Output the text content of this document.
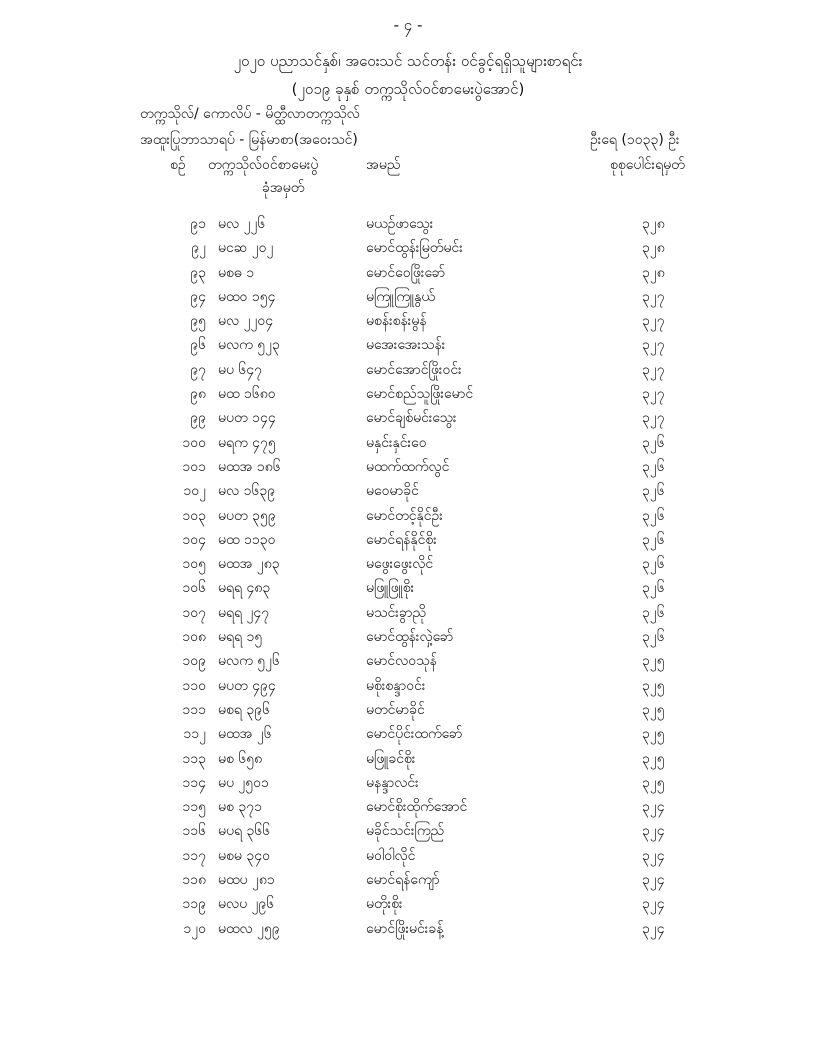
- ၄ -
၂၀၂၀ ပညာသင်နှစ်၊ အဝေးသင် သင်တန်း ဝင်ခွင့်ရရှိသူများစာရင်း
(၂၀၁၉ ခုနှစ် တက္ကသိုလ်ဝင်စာမေးပွဲအောင်)
တက္ကသိုလ်/ ကောလိပ် - မိတ္ထီလာတက္ကသိုလ်
အထူးပြုဘာသာရပ် - မြန်မာစာ(အဝေးသင်)	ဦးရေ (၁၀၃၃) ဦး
စဉ် တက္ကသိုလ်ဝင်စာမေးပွဲ
ခုံအမှတ်
အမည်	စုစုပေါင်းရမှတ်
၉၁ မလ ၂၂၆	မယဉ်ဖာသွေး	၃၂၈
၉၂ မငဆ ၂၀၂	မောင်ထွန်းမြတ်မင်း	၃၂၈
၉၃ မစဓ ၁	မောင်ဝေဖြိုးခော်	၃၂၈
၉၄ မထဝ ၁၅၄	မကြူကြူနွယ်	၃၂၇
၉၅ မလ ၂၂၀၄	မစန်းစန်းမွန်	၃၂၇
၉၆ မလက ၅၂၃	မအေးအေးသန်း	၃၂၇
၉၇ မပ ၆၄၇	မောင်အောင်ဖြိုးဝင်း	၃၂၇
၉၈ မထ ၁၆၈၀	မောင်စည်သူဖြိုးမောင်	၃၂၇
၉၉ မပတ ၁၄၄	မောင်ချစ်မင်းသွေး	၃၂၇
၁၀၀ မရက ၄၇၅	မနှင်းနှင်းဝေ	၃၂၆
၁၀၁ မထအ ၁၈၆	မထက်ထက်လွင်	၃၂၆
၁၀၂ မလ ၁၆၃၉	မဝေမာခိုင်	၃၂၆
၁၀၃ မပတ ၃၅၉	မောင်တင့်နိုင်ဦး	၃၂၆
၁၀၄ မထ ၁၁၃၀	မောင်ရန်နိုင်စိုး	၃၂၆
၁၀၅ မထအ ၂၈၃	မဖွေးဖွေးလိုင်	၃၂၆
၁၀၆ မရရ ၄၈၃	မဖြူဖြူစိုး	၃၂၆
၁၀၇ မရရ ၂၄၇	မသင်းခွာညို	၃၂၆
၁၀၈ မရရ ၁၅	မောင်ထွန်းလှဲ့ခော်	၃၂၆
၁၀၉ မလက ၅၂၆	မောင်လဝသုန်	၃၂၅
၁၁၀ မပတ ၄၉၄	မစိုးစန္ဒာဝင်း	၃၂၅
၁၁၁ မစရ ၃၉၆	မတင်မာခိုင်	၃၂၅
၁၁၂ မထအ ၂၆	မောင်ပိုင်းထက်ခော်	၃၂၅
၁၁၃ မစ ၆၅၈	မဖြူခင်စိုး	၃၂၅
၁၁၄ မပ ၂၅၀၁	မနန္ဒာလင်း	၃၂၅
၁၁၅ မစ ၃၇၁	မောင်စိုးထိုက်အောင်	၃၂၄
၁၁၆ မပရ ၃၆၆	မခိုင်သင်းကြည်	၃၂၄
၁၁၇ မစမ ၃၄၀	မဝါဝါလိုင်	၃၂၄
၁၁၈ မထပ ၂၈၁	မောင်ရန်ကျော်	၃၂၄
၁၁၉ မလပ ၂၉၆	မတိုးစိုး	၃၂၄
၁၂၀ မထလ ၂၅၉	မောင်ဖြိုးမင်းခန့်	၃၂၄
